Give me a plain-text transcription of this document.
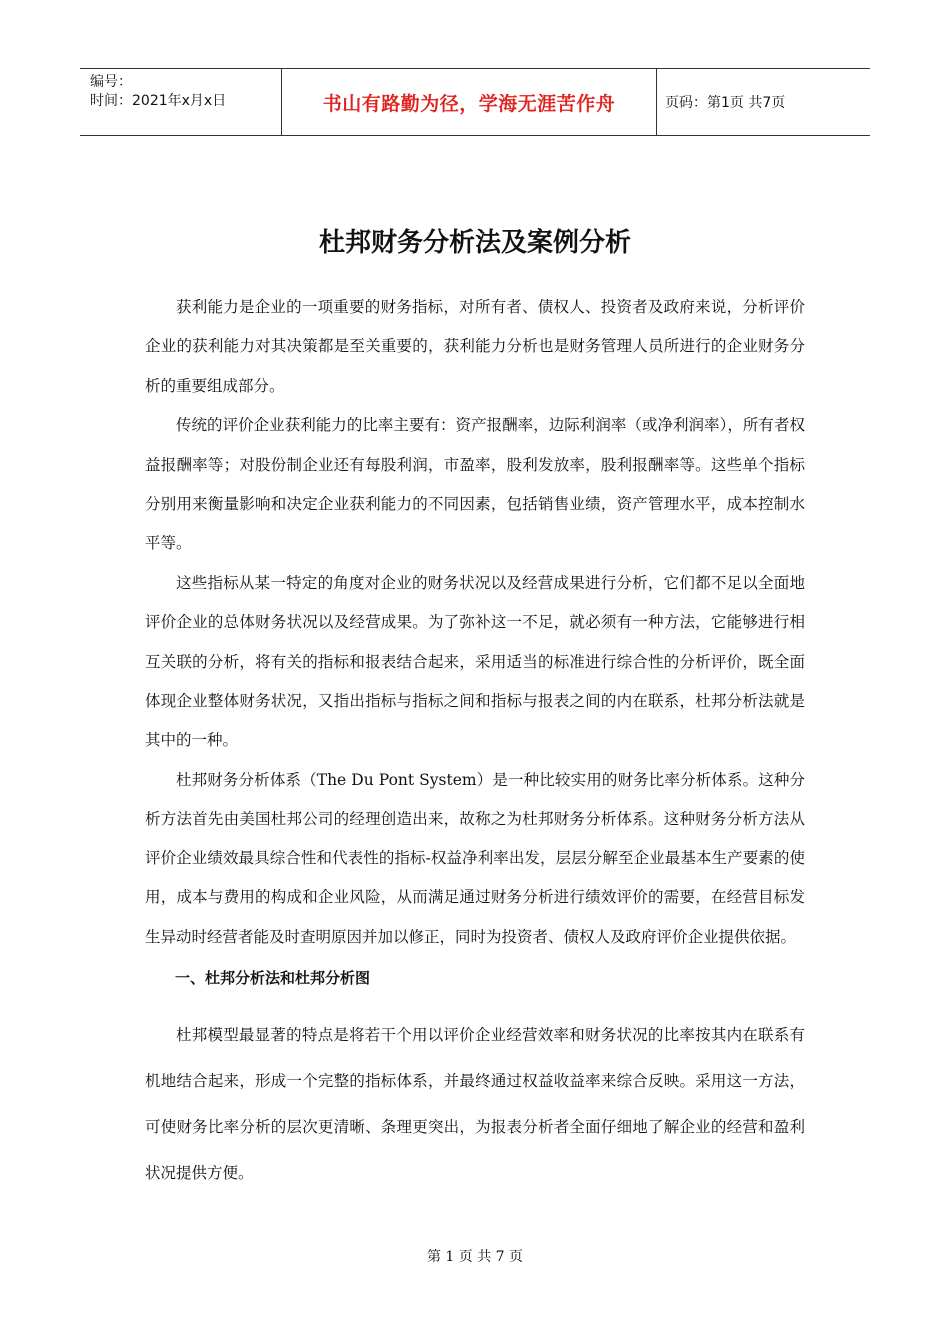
编号：
时间：2021年x月x日	书山有路勤为径，学海无涯苦作舟	页码：第1页 共7页
杜邦财务分析法及案例分析

获利能力是企业的一项重要的财务指标，对所有者、债权人、投资者及政府来说，分析评价企业的获利能力对其决策都是至关重要的，获利能力分析也是财务管理人员所进行的企业财务分析的重要组成部分。

传统的评价企业获利能力的比率主要有：资产报酬率，边际利润率（或净利润率），所有者权益报酬率等；对股份制企业还有每股利润，市盈率，股利发放率，股利报酬率等。这些单个指标分别用来衡量影响和决定企业获利能力的不同因素，包括销售业绩，资产管理水平，成本控制水平等。

这些指标从某一特定的角度对企业的财务状况以及经营成果进行分析，它们都不足以全面地评价企业的总体财务状况以及经营成果。为了弥补这一不足，就必须有一种方法，它能够进行相互关联的分析，将有关的指标和报表结合起来，采用适当的标准进行综合性的分析评价，既全面体现企业整体财务状况，又指出指标与指标之间和指标与报表之间的内在联系，杜邦分析法就是其中的一种。

杜邦财务分析体系（The Du Pont System）是一种比较实用的财务比率分析体系。这种分析方法首先由美国杜邦公司的经理创造出来，故称之为杜邦财务分析体系。这种财务分析方法从评价企业绩效最具综合性和代表性的指标-权益净利率出发，层层分解至企业最基本生产要素的使用，成本与费用的构成和企业风险，从而满足通过财务分析进行绩效评价的需要，在经营目标发生异动时经营者能及时查明原因并加以修正，同时为投资者、债权人及政府评价企业提供依据。

一、杜邦分析法和杜邦分析图

杜邦模型最显著的特点是将若干个用以评价企业经营效率和财务状况的比率按其内在联系有机地结合起来，形成一个完整的指标体系，并最终通过权益收益率来综合反映。采用这一方法，可使财务比率分析的层次更清晰、条理更突出，为报表分析者全面仔细地了解企业的经营和盈利状况提供方便。

第 1 页 共 7 页
